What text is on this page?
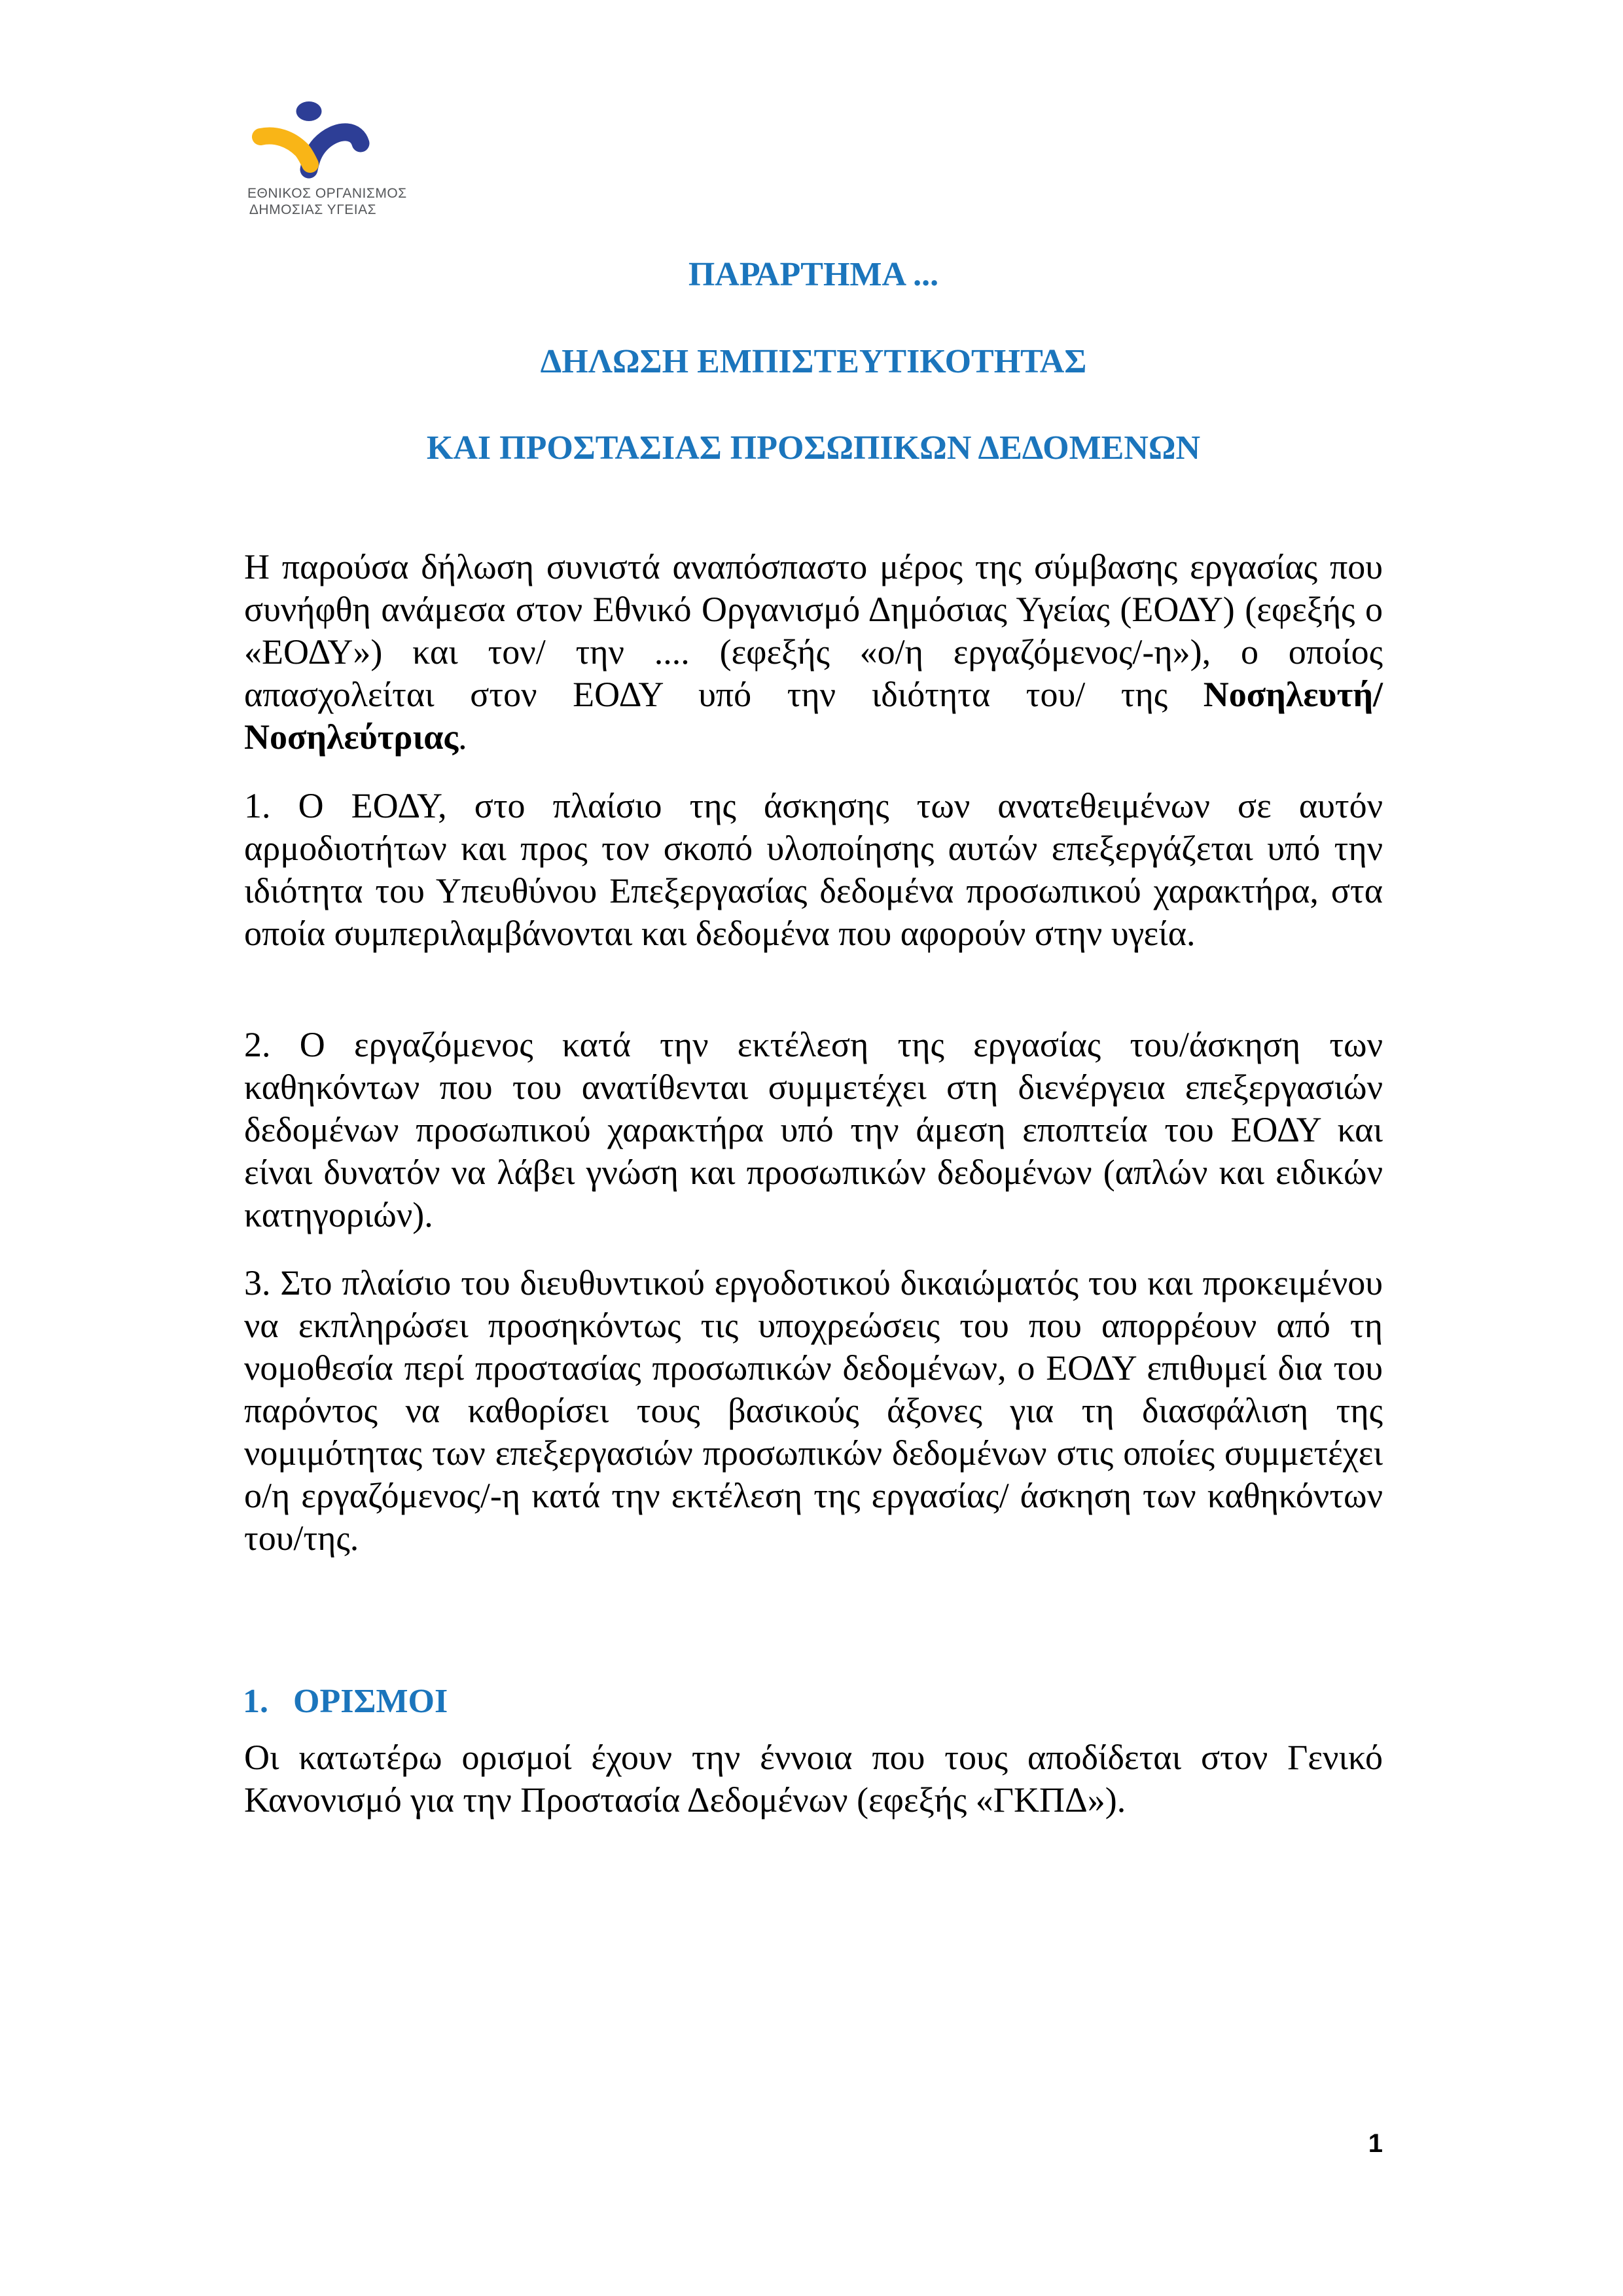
ΕΘΝΙΚΟΣ ΟΡΓΑΝΙΣΜΟΣ
ΔΗΜΟΣΙΑΣ ΥΓΕΙΑΣ
ΠΑΡΑΡΤΗΜΑ ...
ΔΗΛΩΣΗ ΕΜΠΙΣΤΕΥΤΙΚΟΤΗΤΑΣ
ΚΑΙ ΠΡΟΣΤΑΣΙΑΣ ΠΡΟΣΩΠΙΚΩΝ ΔΕΔΟΜΕΝΩΝ
Η παρούσα δήλωση συνιστά αναπόσπαστο μέρος της σύμβασης εργασίας που συνήφθη ανάμεσα στον Εθνικό Οργανισμό Δημόσιας Υγείας (ΕΟΔΥ) (εφεξής ο «ΕΟΔΥ») και τον/ την .... (εφεξής «ο/η εργαζόμενος/-η»), ο οποίος απασχολείται στον ΕΟΔΥ υπό την ιδιότητα του/ της Νοσηλευτή/ Νοσηλεύτριας.
1. Ο ΕΟΔΥ, στο πλαίσιο της άσκησης των ανατεθειμένων σε αυτόν αρμοδιοτήτων και προς τον σκοπό υλοποίησης αυτών επεξεργάζεται υπό την ιδιότητα του Υπευθύνου Επεξεργασίας δεδομένα προσωπικού χαρακτήρα, στα οποία συμπεριλαμβάνονται και δεδομένα που αφορούν στην υγεία.
2. Ο εργαζόμενος κατά την εκτέλεση της εργασίας του/άσκηση των καθηκόντων που του ανατίθενται συμμετέχει στη διενέργεια επεξεργασιών δεδομένων προσωπικού χαρακτήρα υπό την άμεση εποπτεία του ΕΟΔΥ και είναι δυνατόν να λάβει γνώση και προσωπικών δεδομένων (απλών και ειδικών κατηγοριών).
3. Στο πλαίσιο του διευθυντικού εργοδοτικού δικαιώματός του και προκειμένου να εκπληρώσει προσηκόντως τις υποχρεώσεις του που απορρέουν από τη νομοθεσία περί προστασίας προσωπικών δεδομένων, ο ΕΟΔΥ επιθυμεί δια του παρόντος να καθορίσει τους βασικούς άξονες για τη διασφάλιση της νομιμότητας των επεξεργασιών προσωπικών δεδομένων στις οποίες συμμετέχει ο/η εργαζόμενος/-η κατά την εκτέλεση της εργασίας/ άσκηση των καθηκόντων του/της.
1. ΟΡΙΣΜΟΙ
Οι κατωτέρω ορισμοί έχουν την έννοια που τους αποδίδεται στον Γενικό Κανονισμό για την Προστασία Δεδομένων (εφεξής «ΓΚΠΔ»).
1
